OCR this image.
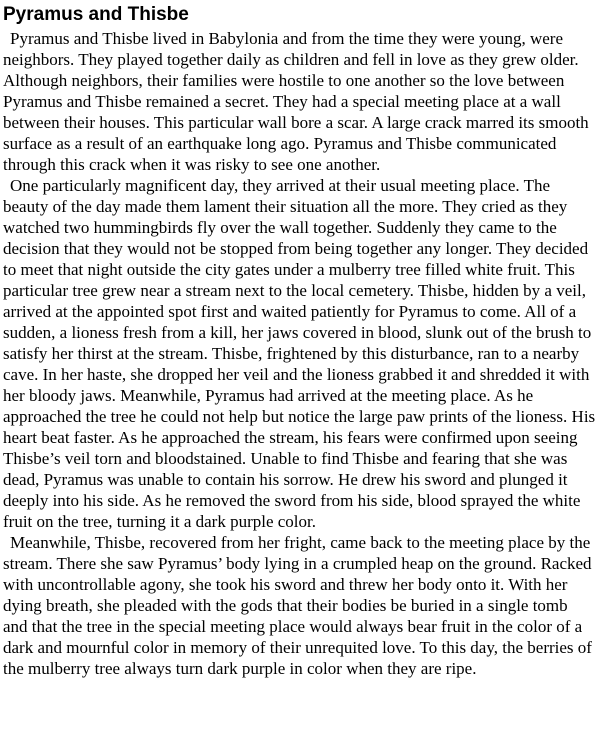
Pyramus and Thisbe

Pyramus and Thisbe lived in Babylonia and from the time they were young, were neighbors. They played together daily as children and fell in love as they grew older. Although neighbors, their families were hostile to one another so the love between Pyramus and Thisbe remained a secret. They had a special meeting place at a wall between their houses. This particular wall bore a scar. A large crack marred its smooth surface as a result of an earthquake long ago. Pyramus and Thisbe communicated through this crack when it was risky to see one another.

One particularly magnificent day, they arrived at their usual meeting place. The beauty of the day made them lament their situation all the more. They cried as they watched two hummingbirds fly over the wall together. Suddenly they came to the decision that they would not be stopped from being together any longer. They decided to meet that night outside the city gates under a mulberry tree filled white fruit. This particular tree grew near a stream next to the local cemetery. Thisbe, hidden by a veil, arrived at the appointed spot first and waited patiently for Pyramus to come. All of a sudden, a lioness fresh from a kill, her jaws covered in blood, slunk out of the brush to satisfy her thirst at the stream. Thisbe, frightened by this disturbance, ran to a nearby cave. In her haste, she dropped her veil and the lioness grabbed it and shredded it with her bloody jaws. Meanwhile, Pyramus had arrived at the meeting place. As he approached the tree he could not help but notice the large paw prints of the lioness. His heart beat faster. As he approached the stream, his fears were confirmed upon seeing Thisbe’s veil torn and bloodstained. Unable to find Thisbe and fearing that she was dead, Pyramus was unable to contain his sorrow. He drew his sword and plunged it deeply into his side. As he removed the sword from his side, blood sprayed the white fruit on the tree, turning it a dark purple color.

Meanwhile, Thisbe, recovered from her fright, came back to the meeting place by the stream. There she saw Pyramus’ body lying in a crumpled heap on the ground. Racked with uncontrollable agony, she took his sword and threw her body onto it. With her dying breath, she pleaded with the gods that their bodies be buried in a single tomb and that the tree in the special meeting place would always bear fruit in the color of a dark and mournful color in memory of their unrequited love. To this day, the berries of the mulberry tree always turn dark purple in color when they are ripe.
